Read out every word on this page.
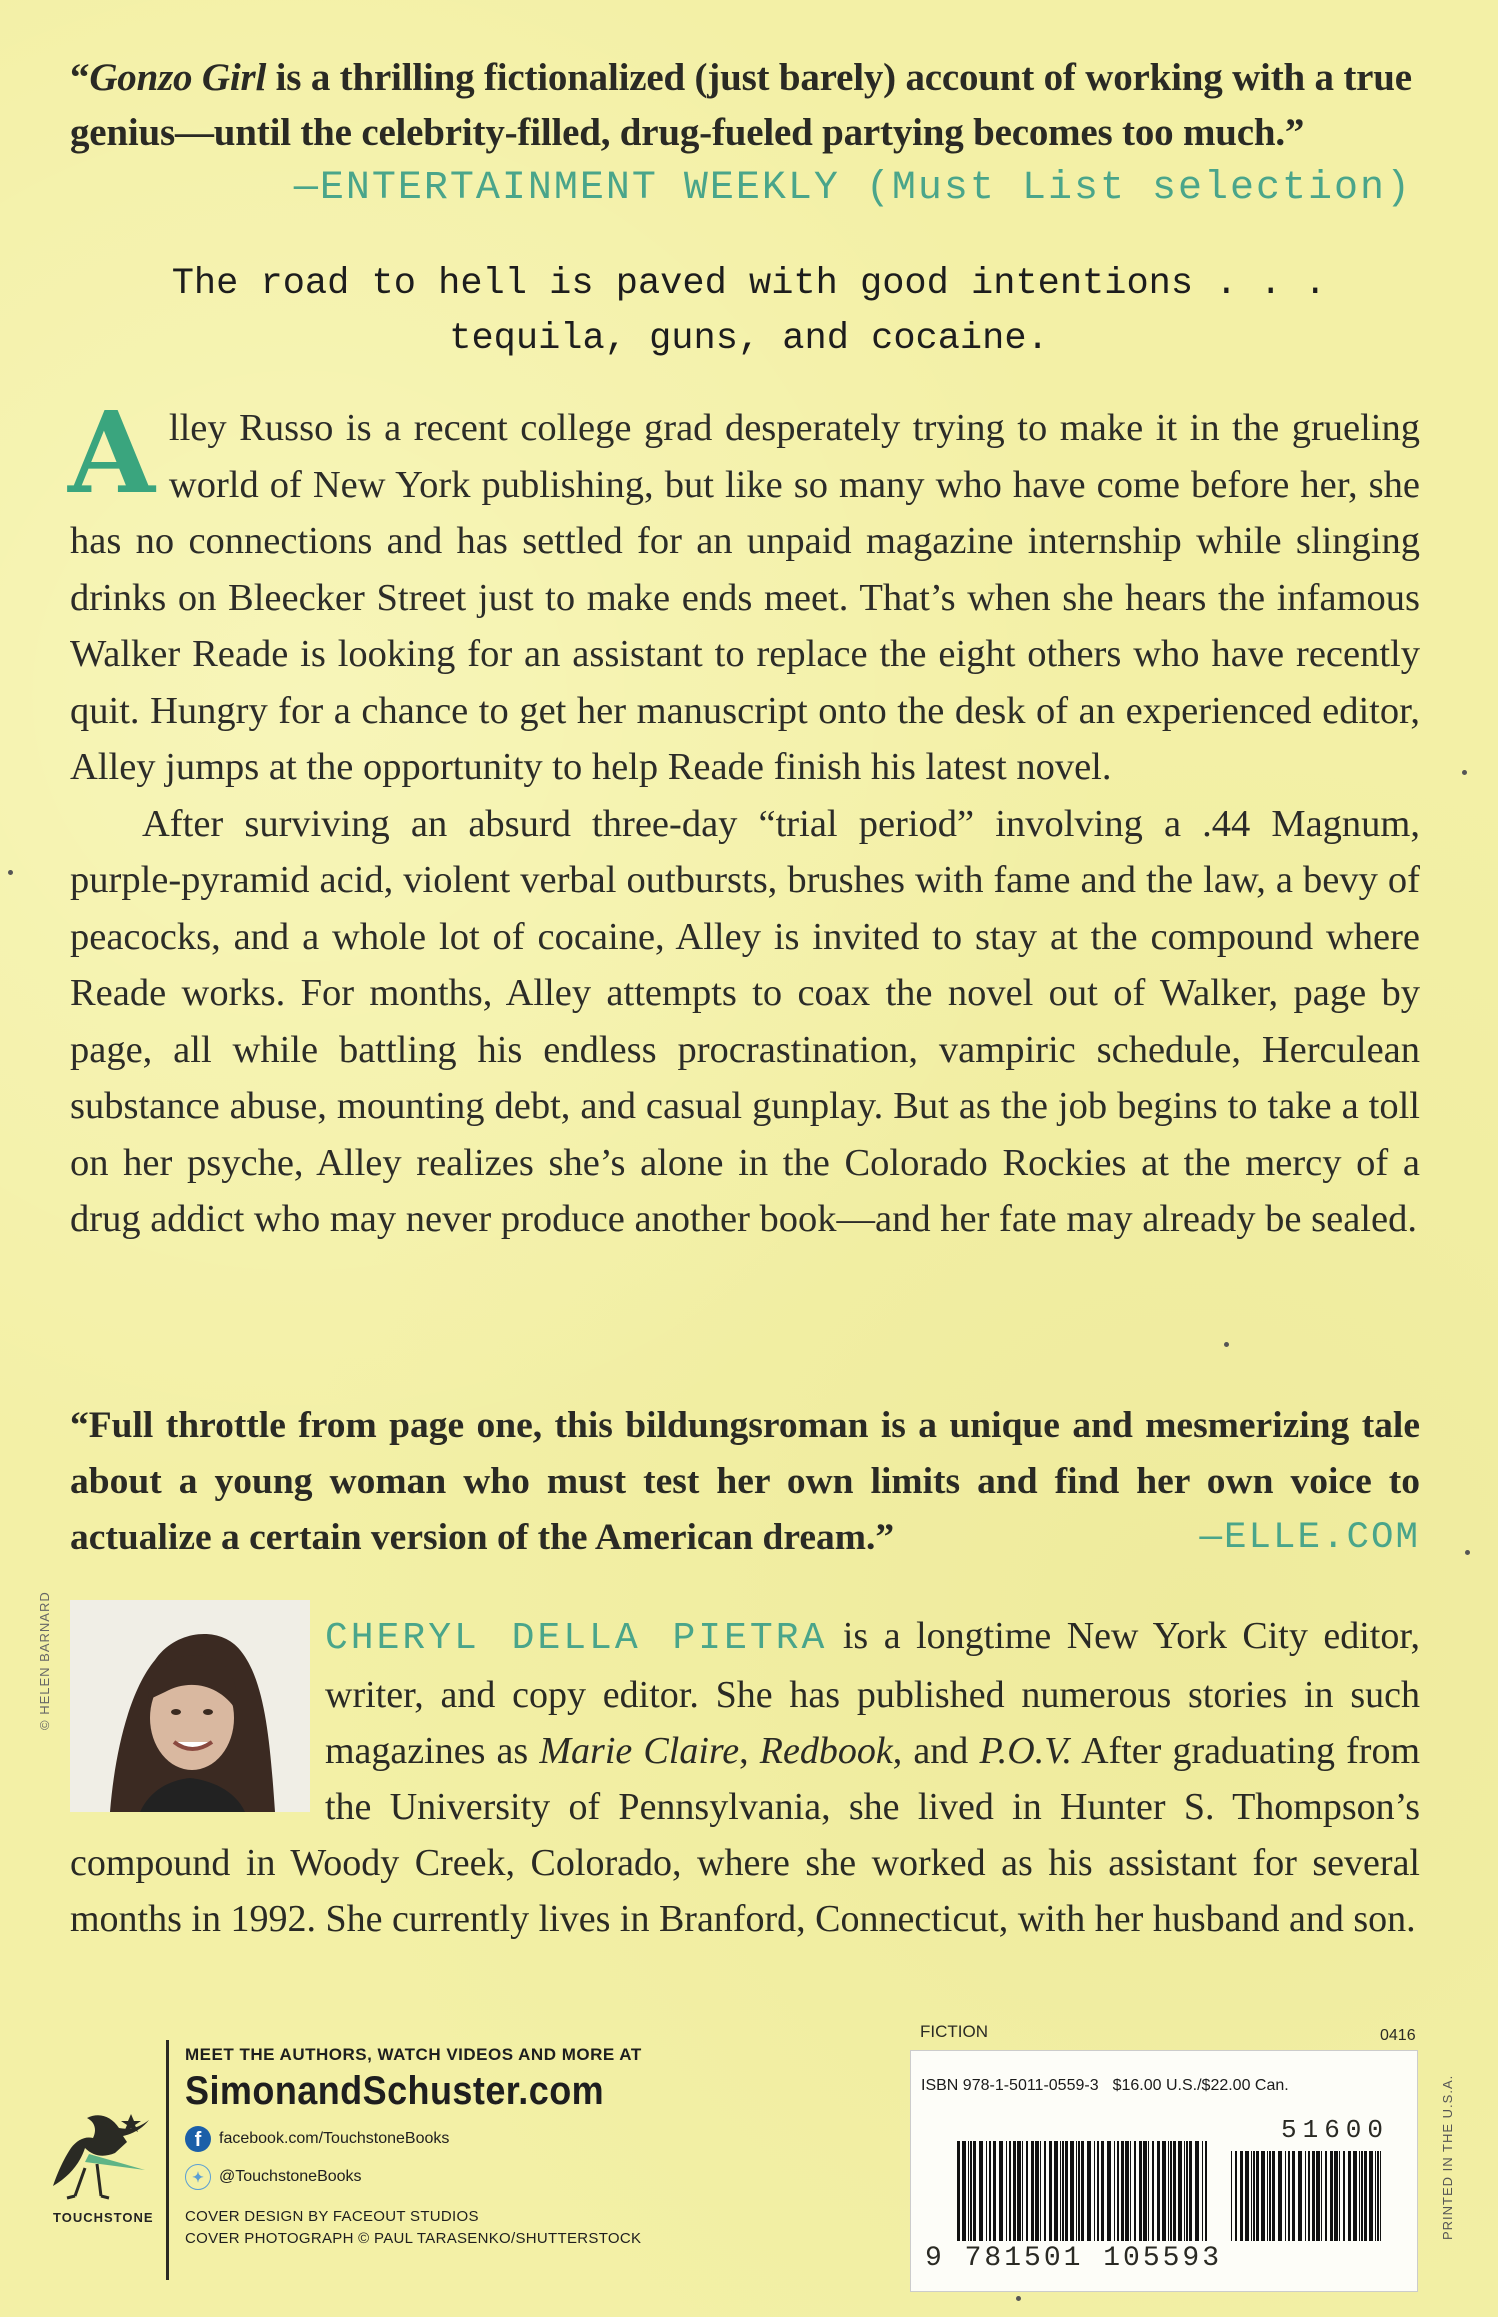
“Gonzo Girl is a thrilling fictionalized (just barely) account of working with a true genius—until the celebrity-filled, drug-fueled partying becomes too much.”
—ENTERTAINMENT WEEKLY (Must List selection)
The road to hell is paved with good intentions . . .
tequila, guns, and cocaine.

Alley Russo is a recent college grad desperately trying to make it in the grueling world of New York publishing, but like so many who have come before her, she has no connections and has settled for an unpaid magazine internship while slinging drinks on Bleecker Street just to make ends meet. That’s when she hears the infamous Walker Reade is looking for an assistant to replace the eight others who have recently quit. Hungry for a chance to get her manuscript onto the desk of an experienced editor, Alley jumps at the opportunity to help Reade finish his latest novel.

After surviving an absurd three-day “trial period” involving a .44 Magnum, purple-pyramid acid, violent verbal outbursts, brushes with fame and the law, a bevy of peacocks, and a whole lot of cocaine, Alley is invited to stay at the compound where Reade works. For months, Alley attempts to coax the novel out of Walker, page by page, all while battling his endless procrastination, vampiric schedule, Herculean substance abuse, mounting debt, and casual gunplay. But as the job begins to take a toll on her psyche, Alley realizes she’s alone in the Colorado Rockies at the mercy of a drug addict who may never produce another book—and her fate may already be sealed.

“Full throttle from page one, this bildungsroman is a unique and mesmerizing tale about a young woman who must test her own limits and find her own voice to actualize a certain version of the American dream.”	—ELLE.COM
© HELEN BARNARD	CHERYL DELLA PIETRA is a longtime New York City editor, writer, and copy editor. She has published numerous stories in such magazines as Marie Claire, Redbook, and P.O.V. After graduating from the University of Pennsylvania, she lived in Hunter S. Thompson’s compound in Woody Creek, Colorado, where she worked as his assistant for several months in 1992. She currently lives in Branford, Connecticut, with her husband and son.
TOUCHSTONE
MEET THE AUTHORS, WATCH VIDEOS AND MORE AT
SimonandSchuster.com
f	facebook.com/TouchstoneBooks
✦ @TouchstoneBooks
COVER DESIGN BY FACEOUT STUDIOS
COVER PHOTOGRAPH © PAUL TARASENKO/SHUTTERSTOCK
FICTION	0416
ISBN 978-1-5011-0559-3 $16.00 U.S./$22.00 Can.
51600
9 781501 105593
PRINTED IN THE U.S.A.
